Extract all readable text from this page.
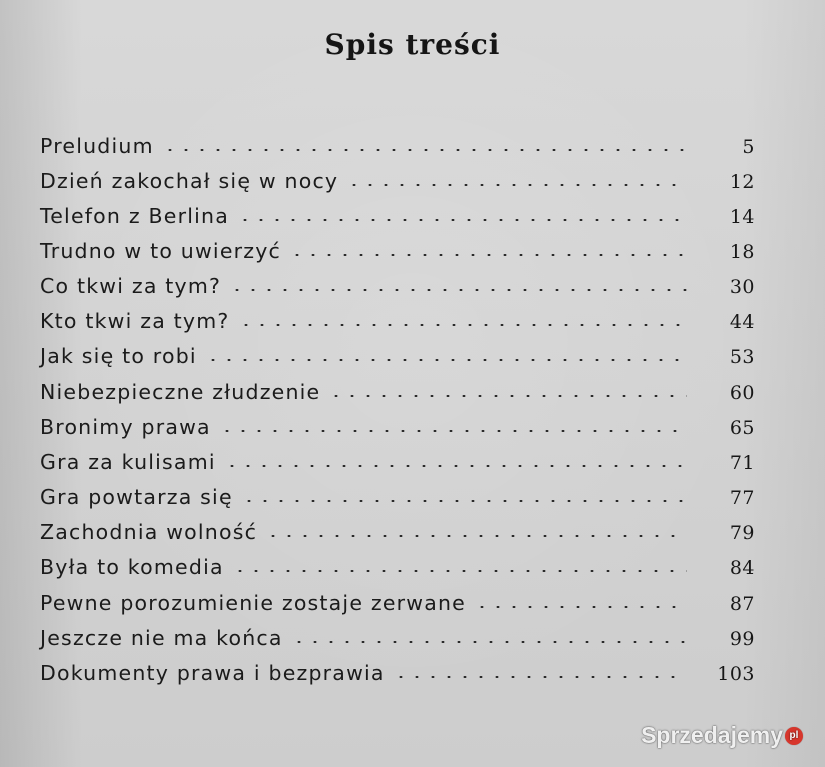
Spis treści
Preludium	5
Dzień zakochał się w nocy	12
Telefon z Berlina	14
Trudno w to uwierzyć	18
Co tkwi za tym?	30
Kto tkwi za tym?	44
Jak się to robi	53
Niebezpieczne złudzenie	60
Bronimy prawa	65
Gra za kulisami	71
Gra powtarza się	77
Zachodnia wolność	79
Była to komedia	84
Pewne porozumienie zostaje zerwane	87
Jeszcze nie ma końca	99
Dokumenty prawa i bezprawia	103
Sprzedajemy pl
